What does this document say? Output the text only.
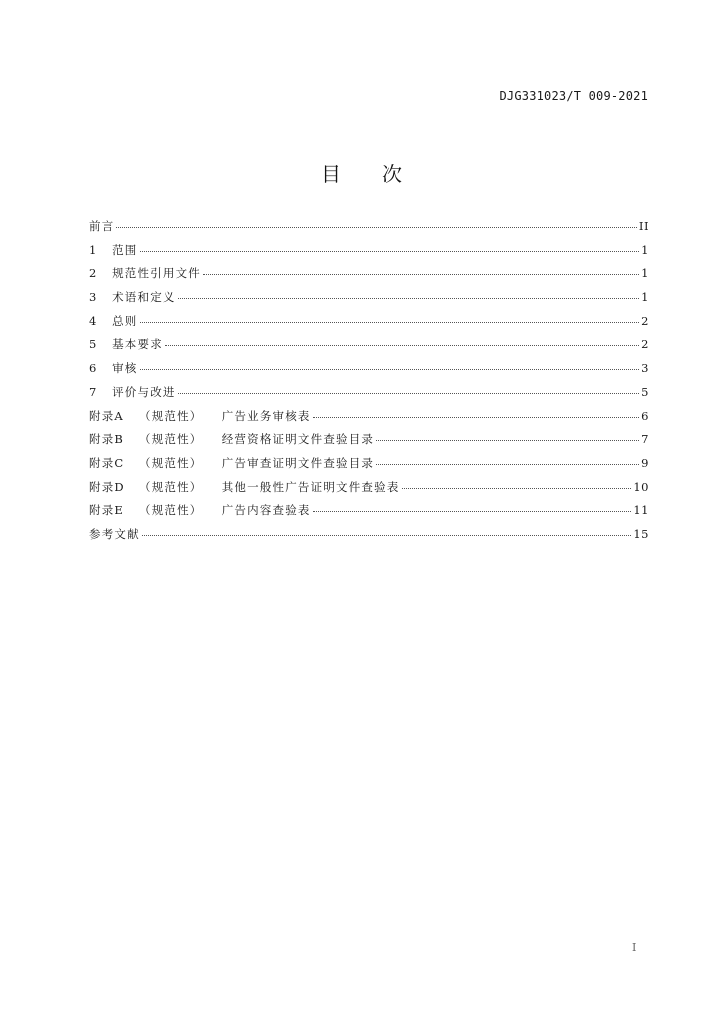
DJG331023/T 009-2021
目 次
前言	II
1 范围	1
2 规范性引用文件	1
3 术语和定义	1
4 总则	2
5 基本要求	2
6 审核	3
7 评价与改进	5
附录A （规范性） 广告业务审核表	6
附录B （规范性） 经营资格证明文件查验目录	7
附录C （规范性） 广告审查证明文件查验目录	9
附录D （规范性） 其他一般性广告证明文件查验表	10
附录E （规范性） 广告内容查验表	11
参考文献	15
I
